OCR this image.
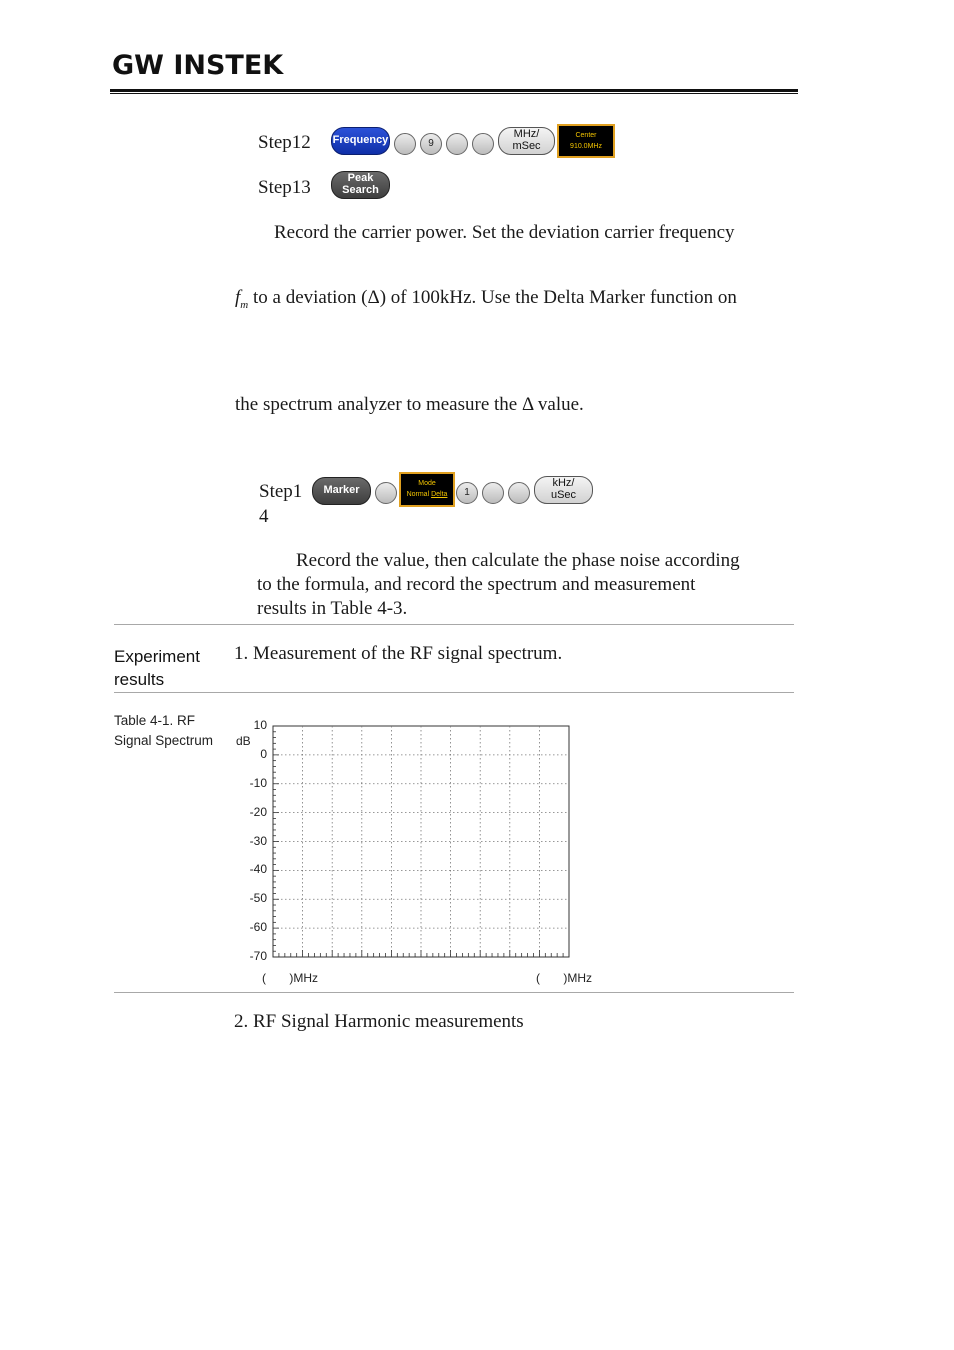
GW INSTEK
Step12 Frequency	9
MHz/
mSec
Center
910.0MHz
Step13	Peak
Search
Record the carrier power. Set the deviation carrier frequency
$f_m$ to a deviation (Δ) of 100kHz. Use the Delta Marker function on
the spectrum analyzer to measure the Δ value.
Step1
4
Marker
Mode
Normal Delta	1
kHz/
uSec
Record the value, then calculate the phase noise according
to the formula, and record the spectrum and measurement
results in Table 4-3.
Experiment
results
1. Measurement of the RF signal spectrum.
Table 4-1. RF
Signal Spectrum dB
10
0
-10
-20
-30
-40
-50
-60
-70
(       )MHz	(       )MHz
2. RF Signal Harmonic measurements
